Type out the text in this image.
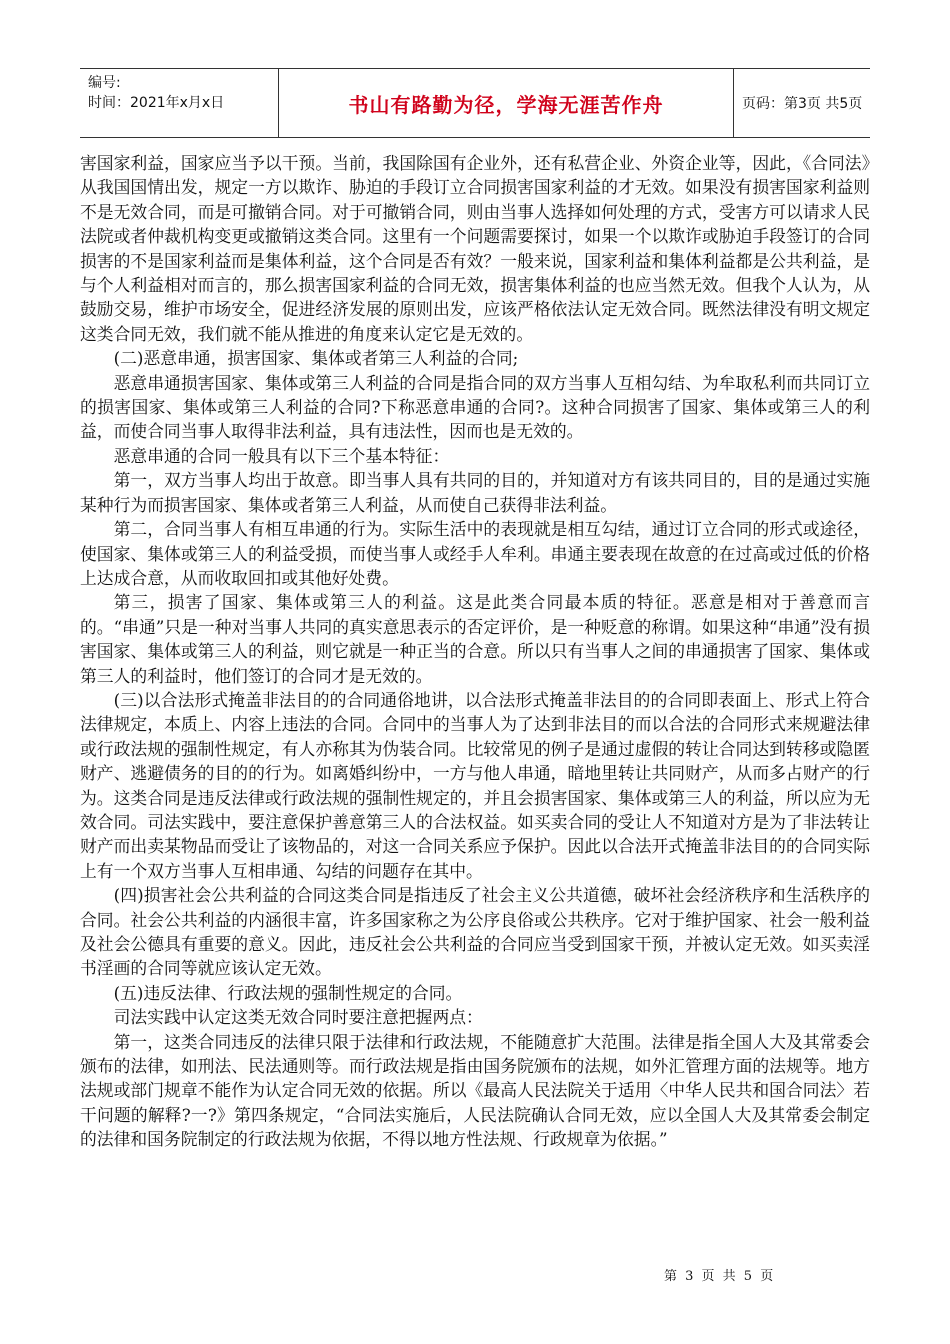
编号:
时间：2021年x月x日	书山有路勤为径，学海无涯苦作舟	页码：第3页 共5页

害国家利益，国家应当予以干预。当前，我国除国有企业外，还有私营企业、外资企业等，因此，《合同法》从我国国情出发，规定一方以欺诈、胁迫的手段订立合同损害国家利益的才无效。如果没有损害国家利益则不是无效合同，而是可撤销合同。对于可撤销合同，则由当事人选择如何处理的方式，受害方可以请求人民法院或者仲裁机构变更或撤销这类合同。这里有一个问题需要探讨，如果一个以欺诈或胁迫手段签订的合同损害的不是国家利益而是集体利益，这个合同是否有效？一般来说，国家利益和集体利益都是公共利益，是与个人利益相对而言的，那么损害国家利益的合同无效，损害集体利益的也应当然无效。但我个人认为，从鼓励交易，维护市场安全，促进经济发展的原则出发，应该严格依法认定无效合同。既然法律没有明文规定这类合同无效，我们就不能从推进的角度来认定它是无效的。

(二)恶意串通，损害国家、集体或者第三人利益的合同;

恶意串通损害国家、集体或第三人利益的合同是指合同的双方当事人互相勾结、为牟取私利而共同订立的损害国家、集体或第三人利益的合同?下称恶意串通的合同?。这种合同损害了国家、集体或第三人的利益，而使合同当事人取得非法利益，具有违法性，因而也是无效的。

恶意串通的合同一般具有以下三个基本特征：

第一，双方当事人均出于故意。即当事人具有共同的目的，并知道对方有该共同目的，目的是通过实施某种行为而损害国家、集体或者第三人利益，从而使自己获得非法利益。

第二，合同当事人有相互串通的行为。实际生活中的表现就是相互勾结，通过订立合同的形式或途径，使国家、集体或第三人的利益受损，而使当事人或经手人牟利。串通主要表现在故意的在过高或过低的价格上达成合意，从而收取回扣或其他好处费。

第三，损害了国家、集体或第三人的利益。这是此类合同最本质的特征。恶意是相对于善意而言的。“串通”只是一种对当事人共同的真实意思表示的否定评价，是一种贬意的称谓。如果这种“串通”没有损害国家、集体或第三人的利益，则它就是一种正当的合意。所以只有当事人之间的串通损害了国家、集体或第三人的利益时，他们签订的合同才是无效的。

(三)以合法形式掩盖非法目的的合同通俗地讲，以合法形式掩盖非法目的的合同即表面上、形式上符合法律规定，本质上、内容上违法的合同。合同中的当事人为了达到非法目的而以合法的合同形式来规避法律或行政法规的强制性规定，有人亦称其为伪装合同。比较常见的例子是通过虚假的转让合同达到转移或隐匿财产、逃避债务的目的的行为。如离婚纠纷中，一方与他人串通，暗地里转让共同财产，从而多占财产的行为。这类合同是违反法律或行政法规的强制性规定的，并且会损害国家、集体或第三人的利益，所以应为无效合同。司法实践中，要注意保护善意第三人的合法权益。如买卖合同的受让人不知道对方是为了非法转让财产而出卖某物品而受让了该物品的，对这一合同关系应予保护。因此以合法开式掩盖非法目的的合同实际上有一个双方当事人互相串通、勾结的问题存在其中。

(四)损害社会公共利益的合同这类合同是指违反了社会主义公共道德，破坏社会经济秩序和生活秩序的合同。社会公共利益的内涵很丰富，许多国家称之为公序良俗或公共秩序。它对于维护国家、社会一般利益及社会公德具有重要的意义。因此，违反社会公共利益的合同应当受到国家干预，并被认定无效。如买卖淫书淫画的合同等就应该认定无效。

(五)违反法律、行政法规的强制性规定的合同。

司法实践中认定这类无效合同时要注意把握两点：

第一，这类合同违反的法律只限于法律和行政法规，不能随意扩大范围。法律是指全国人大及其常委会颁布的法律，如刑法、民法通则等。而行政法规是指由国务院颁布的法规，如外汇管理方面的法规等。地方法规或部门规章不能作为认定合同无效的依据。所以《最高人民法院关于适用〈中华人民共和国合同法〉若干问题的解释?一?》第四条规定，“合同法实施后，人民法院确认合同无效，应以全国人大及其常委会制定的法律和国务院制定的行政法规为依据，不得以地方性法规、行政规章为依据。”

第 3 页 共 5 页
